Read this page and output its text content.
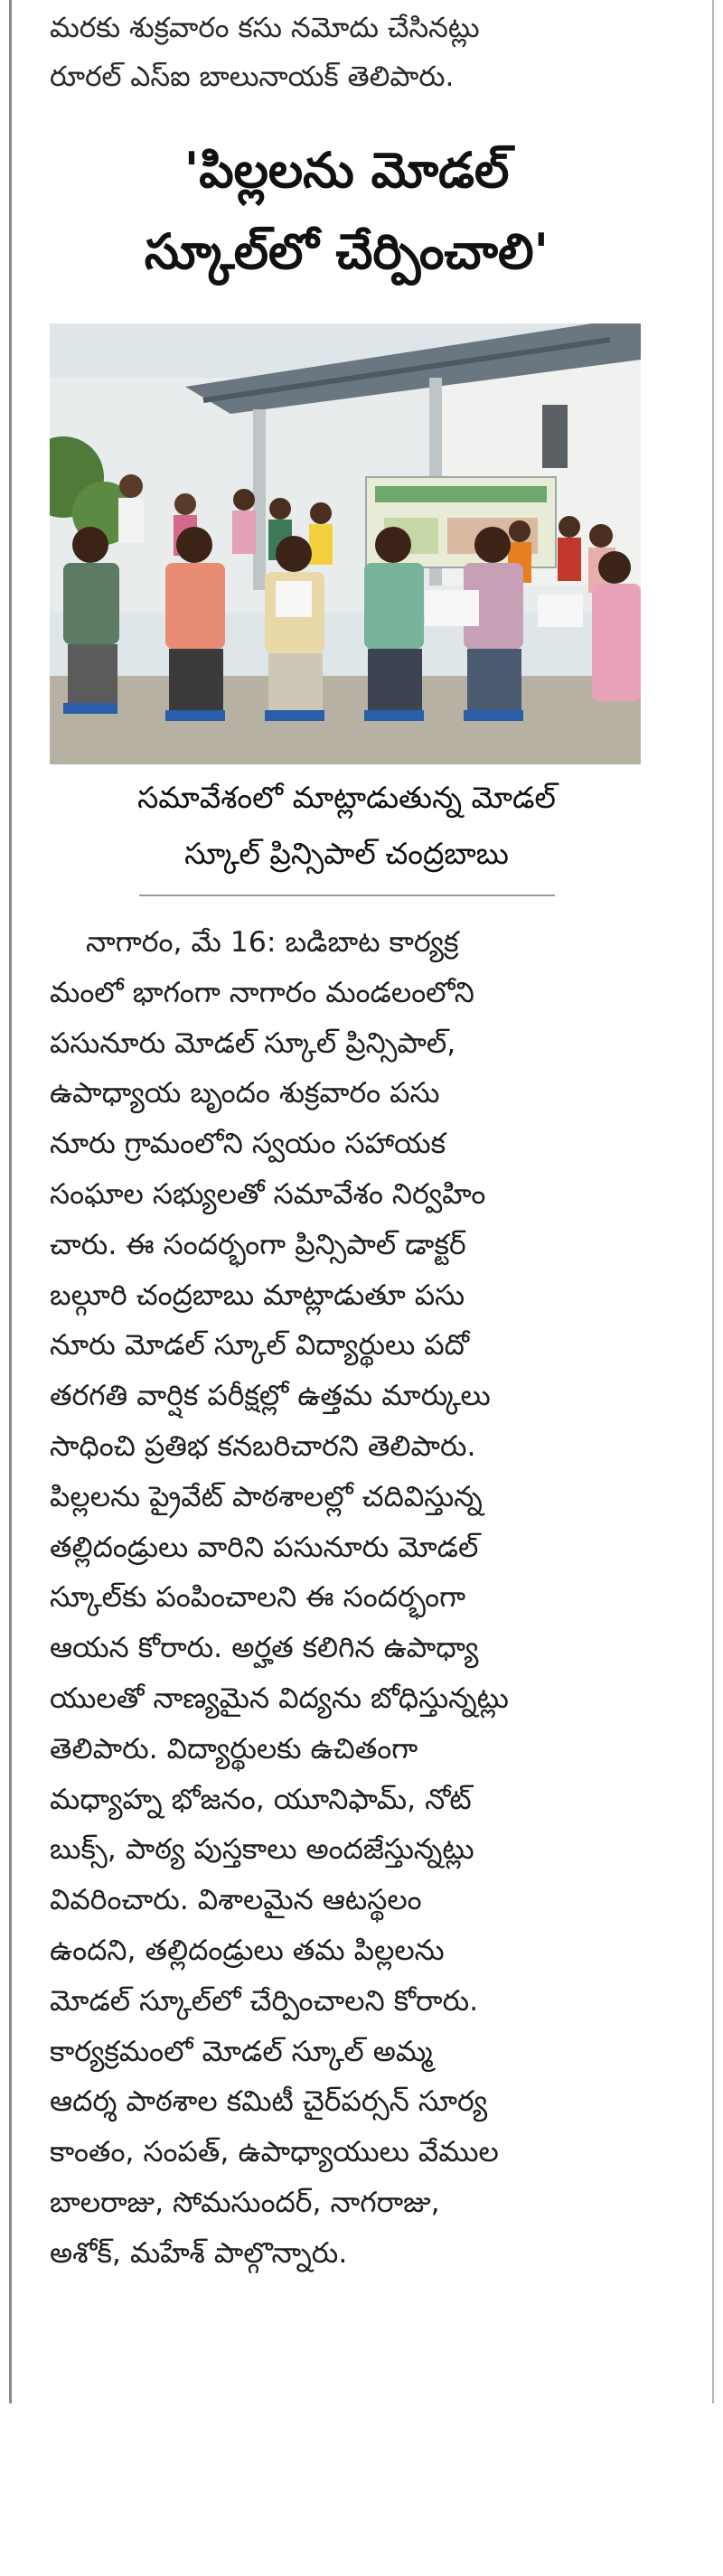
మరకు శుక్రవారం కసు నమోదు చేసినట్లు
రూరల్ ఎస్ఐ బాలునాయక్ తెలిపారు.
'పిల్లలను మోడల్
స్కూల్‌లో చేర్పించాలి'
సమావేశంలో మాట్లాడుతున్న మోడల్
స్కూల్ ప్రిన్సిపాల్ చంద్రబాబు
నాగారం, మే 16: బడిబాట కార్యక్ర
మంలో భాగంగా నాగారం మండలంలోని
పసునూరు మోడల్ స్కూల్ ప్రిన్సిపాల్,
ఉపాధ్యాయ బృందం శుక్రవారం పసు
నూరు గ్రామంలోని స్వయం సహాయక
సంఘాల సభ్యులతో సమావేశం నిర్వహిం
చారు. ఈ సందర్భంగా ప్రిన్సిపాల్ డాక్టర్
బల్గూరి చంద్రబాబు మాట్లాడుతూ పసు
నూరు మోడల్ స్కూల్ విద్యార్థులు పదో
తరగతి వార్షిక పరీక్షల్లో ఉత్తమ మార్కులు
సాధించి ప్రతిభ కనబరిచారని తెలిపారు.
పిల్లలను ప్రైవేట్ పాఠశాలల్లో చదివిస్తున్న
తల్లిదండ్రులు వారిని పసునూరు మోడల్
స్కూల్‌కు పంపించాలని ఈ సందర్భంగా
ఆయన కోరారు. అర్హత కలిగిన ఉపాధ్యా
యులతో నాణ్యమైన విద్యను బోధిస్తున్నట్లు
తెలిపారు. విద్యార్థులకు ఉచితంగా
మధ్యాహ్న భోజనం, యూనిఫామ్, నోట్
బుక్స్, పాఠ్య పుస్తకాలు అందజేస్తున్నట్లు
వివరించారు. విశాలమైన ఆటస్థలం
ఉందని, తల్లిదండ్రులు తమ పిల్లలను
మోడల్ స్కూల్‌లో చేర్పించాలని కోరారు.
కార్యక్రమంలో మోడల్ స్కూల్ అమ్మ
ఆదర్శ పాఠశాల కమిటీ చైర్‌పర్సన్ సూర్య
కాంతం, సంపత్, ఉపాధ్యాయులు వేముల
బాలరాజు, సోమసుందర్, నాగరాజు,
అశోక్, మహేశ్ పాల్గొన్నారు.
